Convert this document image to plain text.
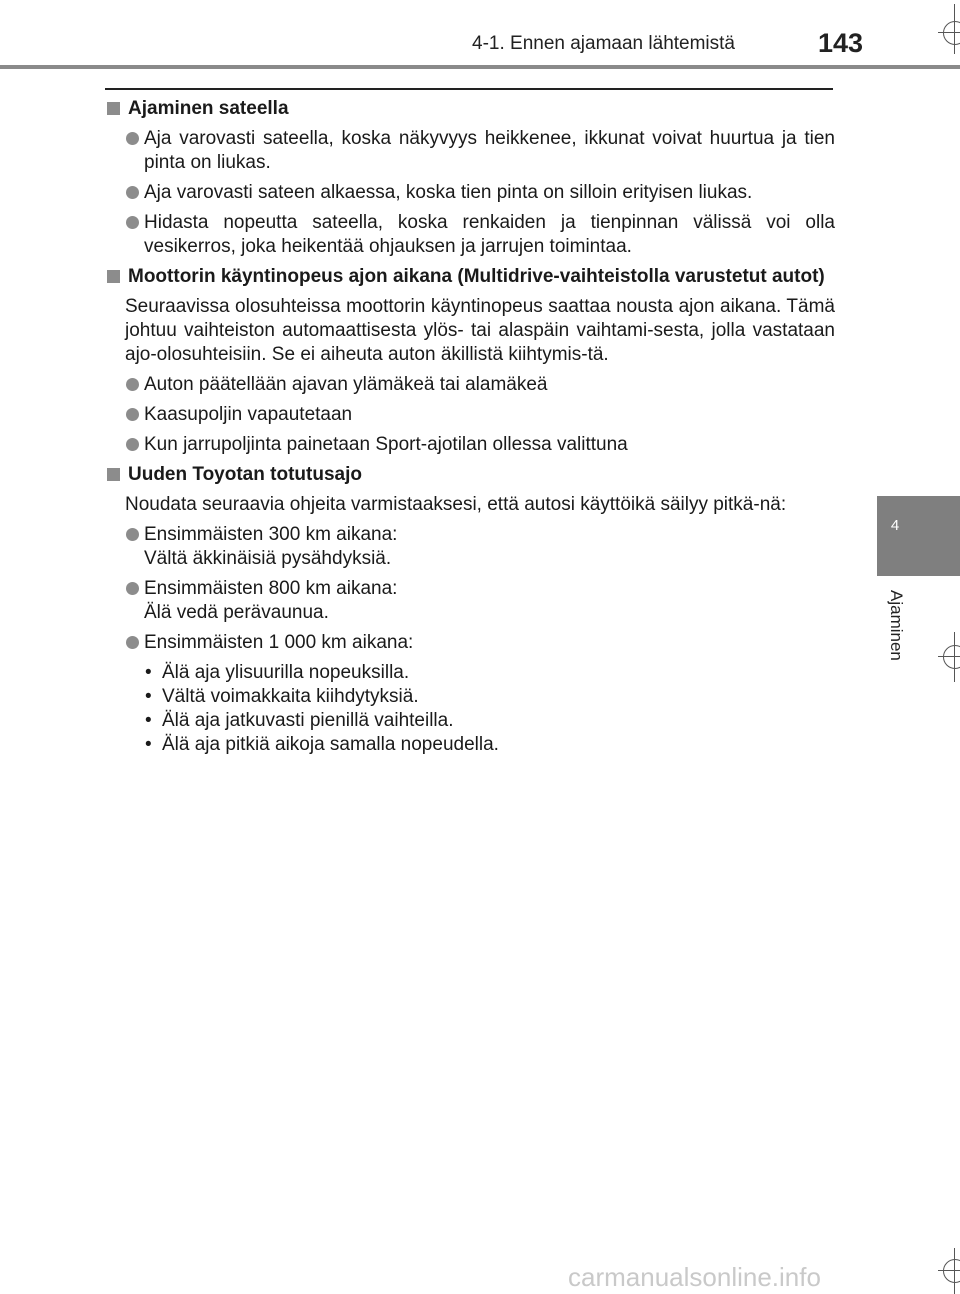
4-1. Ennen ajamaan lähtemistä	143
4
Ajaminen
Ajaminen sateella
Aja varovasti sateella, koska näkyvyys heikkenee, ikkunat voivat huurtua ja tien pinta on liukas.
Aja varovasti sateen alkaessa, koska tien pinta on silloin erityisen liukas.
Hidasta nopeutta sateella, koska renkaiden ja tienpinnan välissä voi olla vesikerros, joka heikentää ohjauksen ja jarrujen toimintaa.
Moottorin käyntinopeus ajon aikana (Multidrive-vaihteistolla varustetut autot)
Seuraavissa olosuhteissa moottorin käyntinopeus saattaa nousta ajon aikana. Tämä johtuu vaihteiston automaattisesta ylös- tai alaspäin vaihtami-sesta, jolla vastataan ajo-olosuhteisiin. Se ei aiheuta auton äkillistä kiihtymis-tä.
Auton päätellään ajavan ylämäkeä tai alamäkeä
Kaasupoljin vapautetaan
Kun jarrupoljinta painetaan Sport-ajotilan ollessa valittuna
Uuden Toyotan totutusajo
Noudata seuraavia ohjeita varmistaaksesi, että autosi käyttöikä säilyy pitkä-nä:
Ensimmäisten 300 km aikana:
Vältä äkkinäisiä pysähdyksiä.
Ensimmäisten 800 km aikana:
Älä vedä perävaunua.
Ensimmäisten 1 000 km aikana:
• Älä aja ylisuurilla nopeuksilla.
• Vältä voimakkaita kiihdytyksiä.
• Älä aja jatkuvasti pienillä vaihteilla.
• Älä aja pitkiä aikoja samalla nopeudella.
carmanualsonline.info
